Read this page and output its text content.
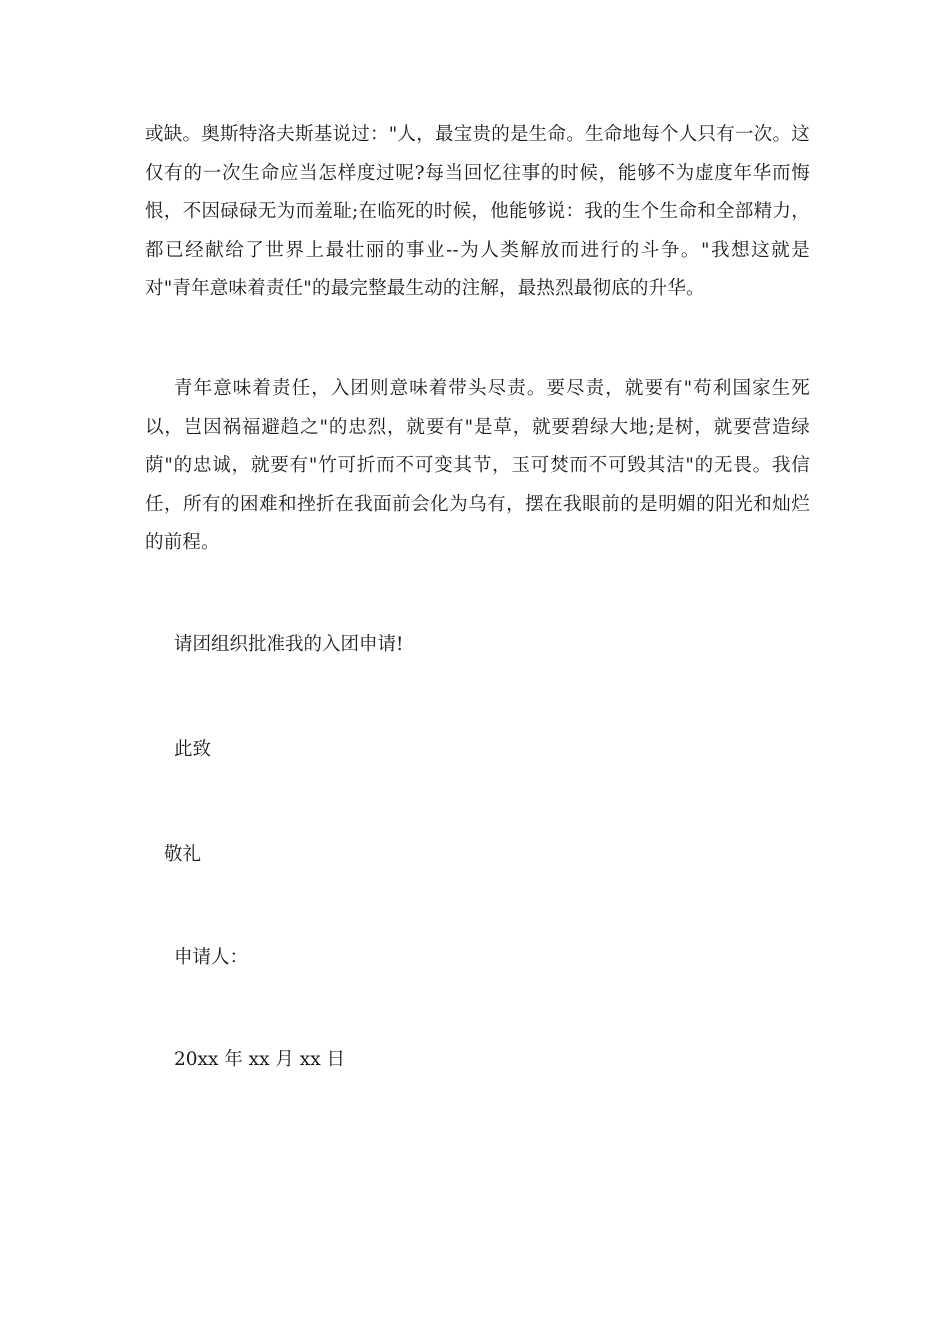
或缺。奥斯特洛夫斯基说过："人，最宝贵的是生命。生命地每个人只有一次。这仅有的一次生命应当怎样度过呢?每当回忆往事的时候，能够不为虚度年华而悔恨，不因碌碌无为而羞耻;在临死的时候，他能够说：我的生个生命和全部精力，都已经献给了世界上最壮丽的事业--为人类解放而进行的斗争。"我想这就是对"青年意味着责任"的最完整最生动的注解，最热烈最彻底的升华。

青年意味着责任，入团则意味着带头尽责。要尽责，就要有"苟利国家生死以，岂因祸福避趋之"的忠烈，就要有"是草，就要碧绿大地;是树，就要营造绿荫"的忠诚，就要有"竹可折而不可变其节，玉可焚而不可毁其洁"的无畏。我信任，所有的困难和挫折在我面前会化为乌有，摆在我眼前的是明媚的阳光和灿烂的前程。

请团组织批准我的入团申请!

此致

敬礼

申请人：

20xx 年 xx 月 xx 日
